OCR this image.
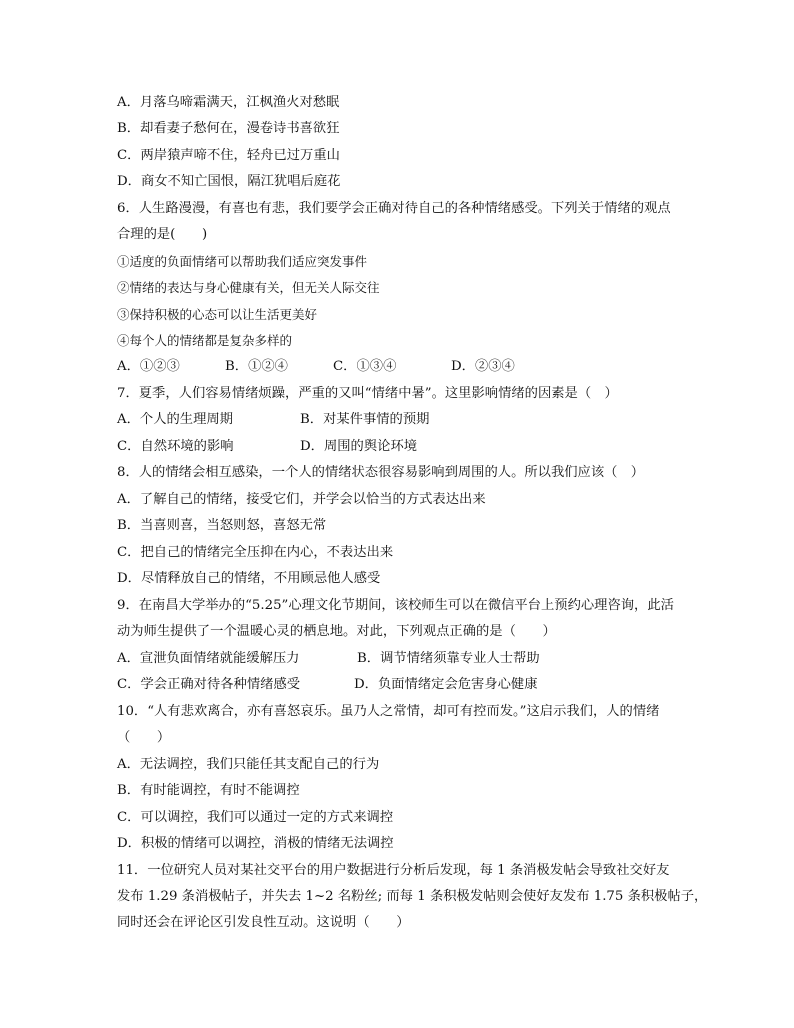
A．月落乌啼霜满天，江枫渔火对愁眠
B．却看妻子愁何在，漫卷诗书喜欲狂
C．两岸猿声啼不住，轻舟已过万重山
D．商女不知亡国恨，隔江犹唱后庭花
6．人生路漫漫，有喜也有悲，我们要学会正确对待自己的各种情绪感受。下列关于情绪的观点
合理的是(　　)
①适度的负面情绪可以帮助我们适应突发事件
②情绪的表达与身心健康有关，但无关人际交往
③保持积极的心态可以让生活更美好
④每个人的情绪都是复杂多样的
A．①②③	B．①②④	C．①③④	D．②③④
7．夏季，人们容易情绪烦躁，严重的又叫“情绪中暑”。这里影响情绪的因素是（　）
A．个人的生理周期	B．对某件事情的预期
C．自然环境的影响	D．周围的舆论环境
8．人的情绪会相互感染，一个人的情绪状态很容易影响到周围的人。所以我们应该（　）
A．了解自己的情绪，接受它们，并学会以恰当的方式表达出来
B．当喜则喜，当怒则怒，喜怒无常
C．把自己的情绪完全压抑在内心，不表达出来
D．尽情释放自己的情绪，不用顾忌他人感受
9．在南昌大学举办的“5.25”心理文化节期间，该校师生可以在微信平台上预约心理咨询，此活
动为师生提供了一个温暖心灵的栖息地。对此，下列观点正确的是（　　）
A．宣泄负面情绪就能缓解压力	B．调节情绪须靠专业人士帮助
C．学会正确对待各种情绪感受	D．负面情绪定会危害身心健康
10．“人有悲欢离合，亦有喜怒哀乐。虽乃人之常情，却可有控而发。”这启示我们，人的情绪
（　　）
A．无法调控，我们只能任其支配自己的行为
B．有时能调控，有时不能调控
C．可以调控，我们可以通过一定的方式来调控
D．积极的情绪可以调控，消极的情绪无法调控
11．一位研究人员对某社交平台的用户数据进行分析后发现，每 1 条消极发帖会导致社交好友
发布 1.29 条消极帖子，并失去 1~2 名粉丝; 而每 1 条积极发帖则会使好友发布 1.75 条积极帖子，
同时还会在评论区引发良性互动。这说明（　　）
